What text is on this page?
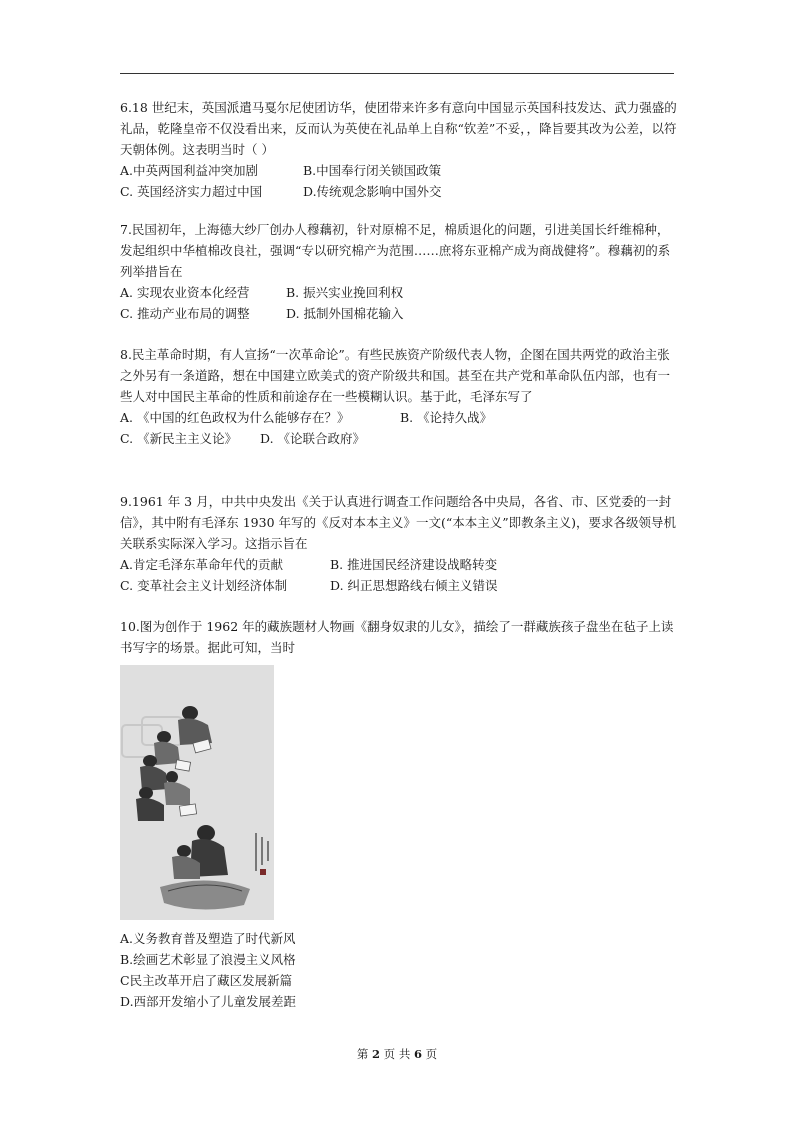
6.18 世纪末，英国派遣马戛尔尼使团访华，使团带来许多有意向中国显示英国科技发达、武力强盛的礼品，乾隆皇帝不仅没看出来，反而认为英使在礼品单上自称“钦差”不妥，，降旨要其改为公差，以符天朝体例。这表明当时（ ）

A.中英两国利益冲突加剧	B.中国奉行闭关锁国政策
C. 英国经济实力超过中国	D.传统观念影响中国外交

7.民国初年，上海德大纱厂创办人穆藕初，针对原棉不足，棉质退化的问题，引进美国长纤维棉种，发起组织中华植棉改良社，强调“专以研究棉产为范围……庶将东亚棉产成为商战健将”。穆藕初的系列举措旨在

A. 实现农业资本化经营	B. 振兴实业挽回利权
C. 推动产业布局的调整	D. 抵制外国棉花输入

8.民主革命时期，有人宣扬“一次革命论”。有些民族资产阶级代表人物，企图在国共两党的政治主张之外另有一条道路，想在中国建立欧美式的资产阶级共和国。甚至在共产党和革命队伍内部，也有一些人对中国民主革命的性质和前途存在一些模糊认识。基于此，毛泽东写了

A. 《中国的红色政权为什么能够存在？》	B. 《论持久战》
C. 《新民主主义论》	D. 《论联合政府》

9.1961 年 3 月，中共中央发出《关于认真进行调查工作问题给各中央局，各省、市、区党委的一封信》，其中附有毛泽东 1930 年写的《反对本本主义》一文(“本本主义”即教条主义)，要求各级领导机关联系实际深入学习。这指示旨在

A.肯定毛泽东革命年代的贡献	B. 推进国民经济建设战略转变
C. 变革社会主义计划经济体制	D. 纠正思想路线右倾主义错误

10.图为创作于 1962 年的藏族题材人物画《翻身奴隶的儿女》，描绘了一群藏族孩子盘坐在毡子上读书写字的场景。据此可知，当时

A.义务教育普及塑造了时代新风

B.绘画艺术彰显了浪漫主义风格

C民主改革开启了藏区发展新篇

D.西部开发缩小了儿童发展差距

第 2 页 共 6 页
